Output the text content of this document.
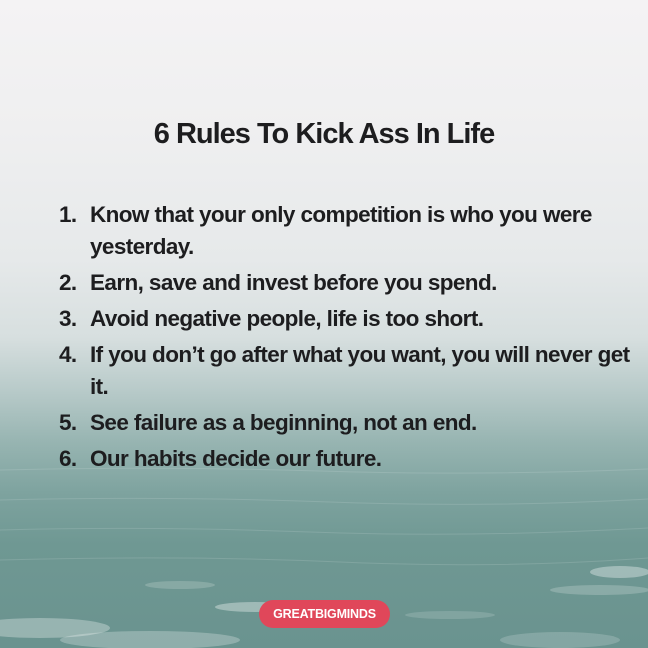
6 Rules To Kick Ass In Life
1. Know that your only competition is who you were yesterday.
2. Earn, save and invest before you spend.
3. Avoid negative people, life is too short.
4. If you don’t go after what you want, you will never get it.
5. See failure as a beginning, not an end.
6. Our habits decide our future.
GREATBIGMINDS
